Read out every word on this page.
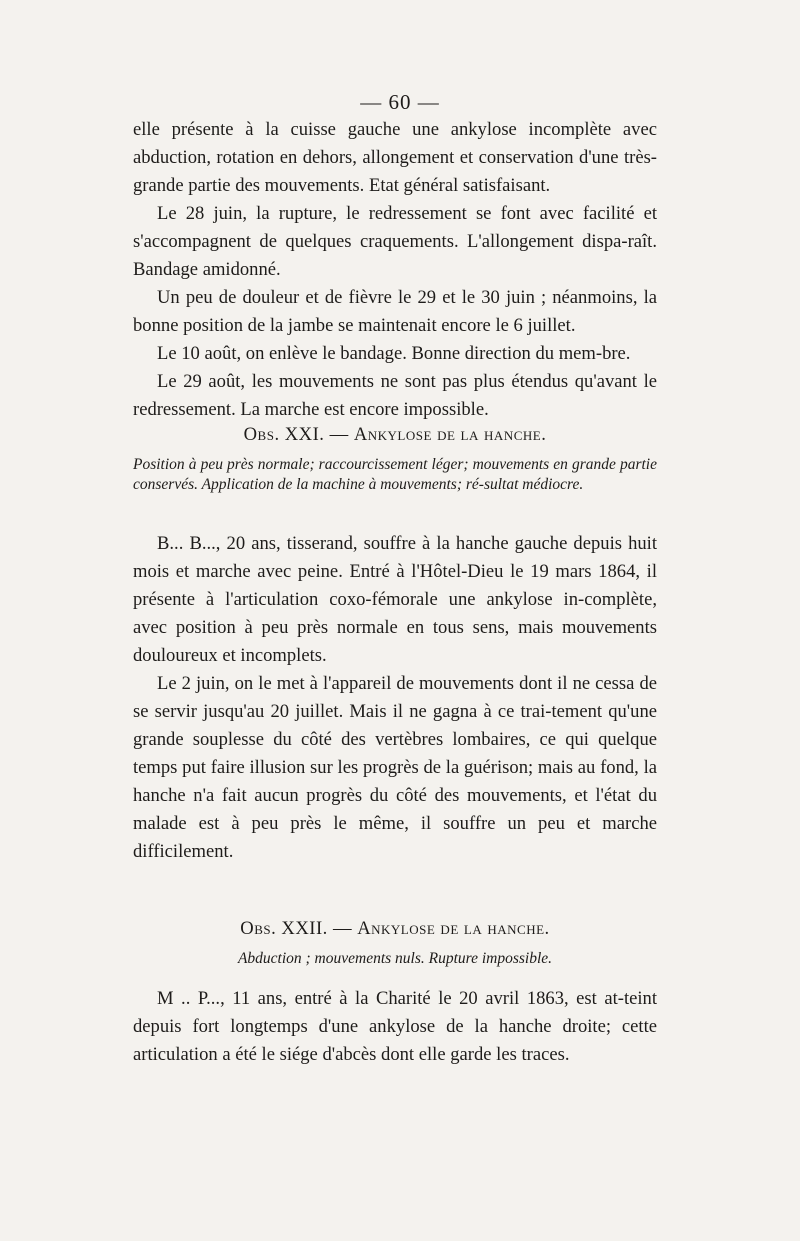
— 60 —

elle présente à la cuisse gauche une ankylose incomplète avec abduction, rotation en dehors, allongement et conservation d'une très-grande partie des mouvements. Etat général satisfaisant.

Le 28 juin, la rupture, le redressement se font avec facilité et s'accompagnent de quelques craquements. L'allongement dispa-raît. Bandage amidonné.

Un peu de douleur et de fièvre le 29 et le 30 juin ; néanmoins, la bonne position de la jambe se maintenait encore le 6 juillet.

Le 10 août, on enlève le bandage. Bonne direction du mem-bre.

Le 29 août, les mouvements ne sont pas plus étendus qu'avant le redressement. La marche est encore impossible.

Obs. XXI. — Ankylose de la hanche.
Position à peu près normale; raccourcissement léger; mouvements en grande partie conservés. Application de la machine à mouvements; ré-sultat médiocre.

B... B..., 20 ans, tisserand, souffre à la hanche gauche depuis huit mois et marche avec peine. Entré à l'Hôtel-Dieu le 19 mars 1864, il présente à l'articulation coxo-fémorale une ankylose in-complète, avec position à peu près normale en tous sens, mais mouvements douloureux et incomplets.

Le 2 juin, on le met à l'appareil de mouvements dont il ne cessa de se servir jusqu'au 20 juillet. Mais il ne gagna à ce trai-tement qu'une grande souplesse du côté des vertèbres lombaires, ce qui quelque temps put faire illusion sur les progrès de la guérison; mais au fond, la hanche n'a fait aucun progrès du côté des mouvements, et l'état du malade est à peu près le même, il souffre un peu et marche difficilement.

Obs. XXII. — Ankylose de la hanche.
Abduction ; mouvements nuls. Rupture impossible.

M .. P..., 11 ans, entré à la Charité le 20 avril 1863, est at-teint depuis fort longtemps d'une ankylose de la hanche droite; cette articulation a été le siége d'abcès dont elle garde les traces.
